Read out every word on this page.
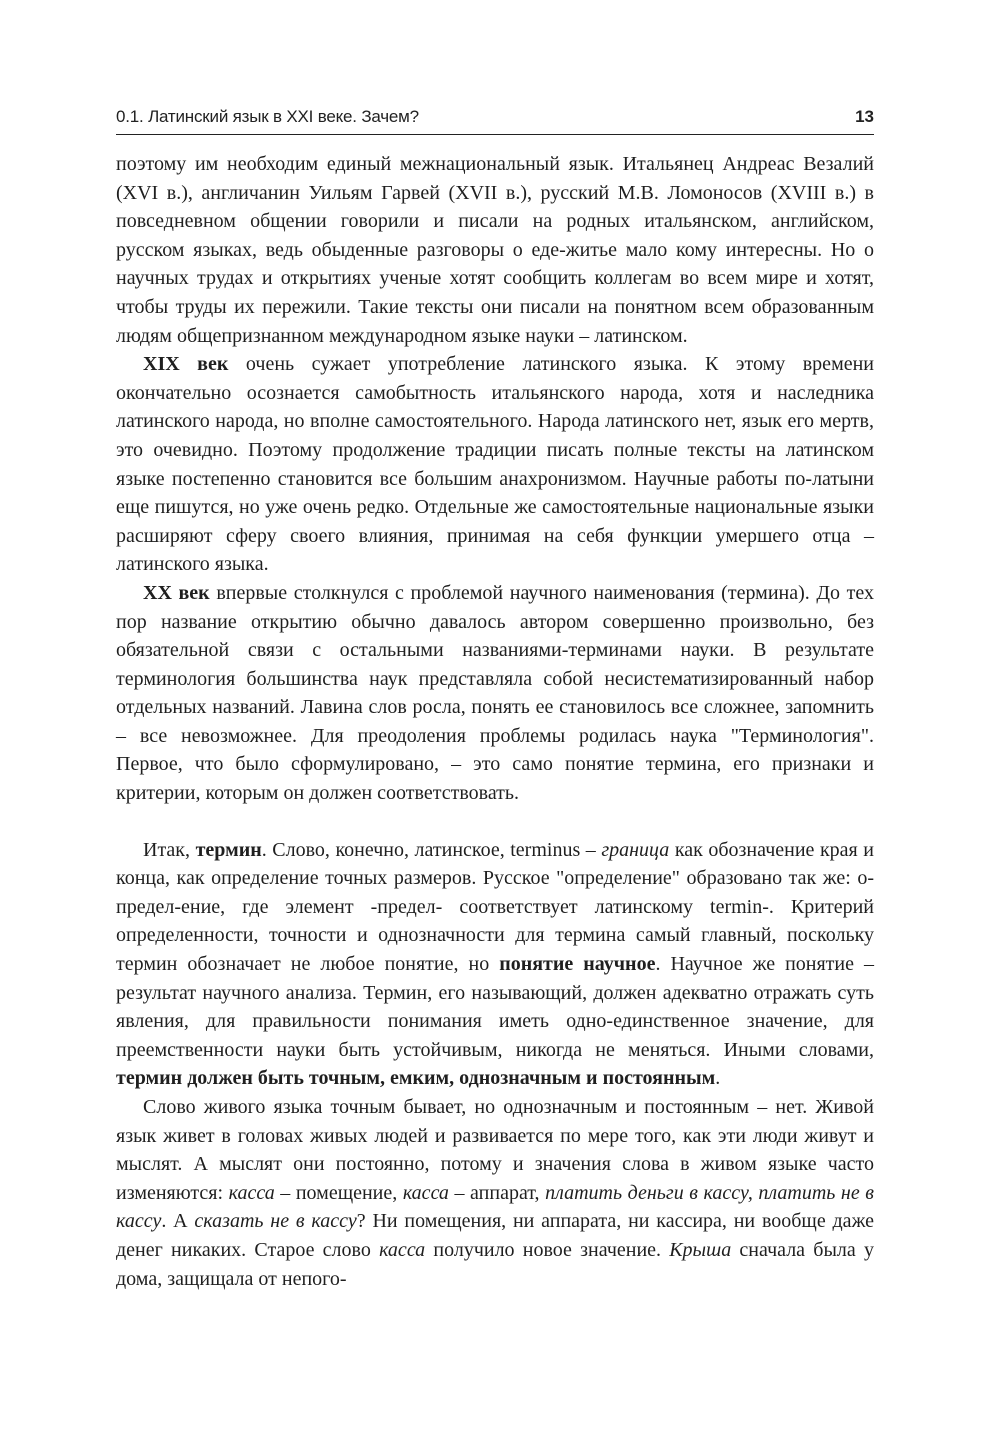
0.1. Латинский язык в XXI веке. Зачем?	13

поэтому им необходим единый межнациональный язык. Итальянец Андреас Везалий (XVI в.), англичанин Уильям Гарвей (XVII в.), русский М.В. Ломоносов (XVIII в.) в повседневном общении говорили и писали на родных итальянском, английском, русском языках, ведь обыденные разговоры о еде-житье мало кому интересны. Но о научных трудах и открытиях ученые хотят сообщить коллегам во всем мире и хотят, чтобы труды их пережили. Такие тексты они писали на понятном всем образованным людям общепризнанном международном языке науки – латинском.

XIX век очень сужает употребление латинского языка. К этому времени окончательно осознается самобытность итальянского народа, хотя и наследника латинского народа, но вполне самостоятельного. Народа латинского нет, язык его мертв, это очевидно. Поэтому продолжение традиции писать полные тексты на латинском языке постепенно становится все большим анахронизмом. Научные работы по-латыни еще пишутся, но уже очень редко. Отдельные же самостоятельные национальные языки расширяют сферу своего влияния, принимая на себя функции умершего отца – латинского языка.

XX век впервые столкнулся с проблемой научного наименования (термина). До тех пор название открытию обычно давалось автором совершенно произвольно, без обязательной связи с остальными названиями-терминами науки. В результате терминология большинства наук представляла собой несистематизированный набор отдельных названий. Лавина слов росла, понять ее становилось все сложнее, запомнить – все невозможнее. Для преодоления проблемы родилась наука "Терминология". Первое, что было сформулировано, – это само понятие термина, его признаки и критерии, которым он должен соответствовать.

Итак, термин. Слово, конечно, латинское, terminus – граница как обозначение края и конца, как определение точных размеров. Русское "определение" образовано так же: о-предел-ение, где элемент -предел- соответствует латинскому termin-. Критерий определенности, точности и однозначности для термина самый главный, поскольку термин обозначает не любое понятие, но понятие научное. Научное же понятие – результат научного анализа. Термин, его называющий, должен адекватно отражать суть явления, для правильности понимания иметь одно-единственное значение, для преемственности науки быть устойчивым, никогда не меняться. Иными словами, термин должен быть точным, емким, однозначным и постоянным.

Слово живого языка точным бывает, но однозначным и постоянным – нет. Живой язык живет в головах живых людей и развивается по мере того, как эти люди живут и мыслят. А мыслят они постоянно, потому и значения слова в живом языке часто изменяются: касса – помещение, касса – аппарат, платить деньги в кассу, платить не в кассу. А сказать не в кассу? Ни помещения, ни аппарата, ни кассира, ни вообще даже денег никаких. Старое слово касса получило новое значение. Крыша сначала была у дома, защищала от непого-
